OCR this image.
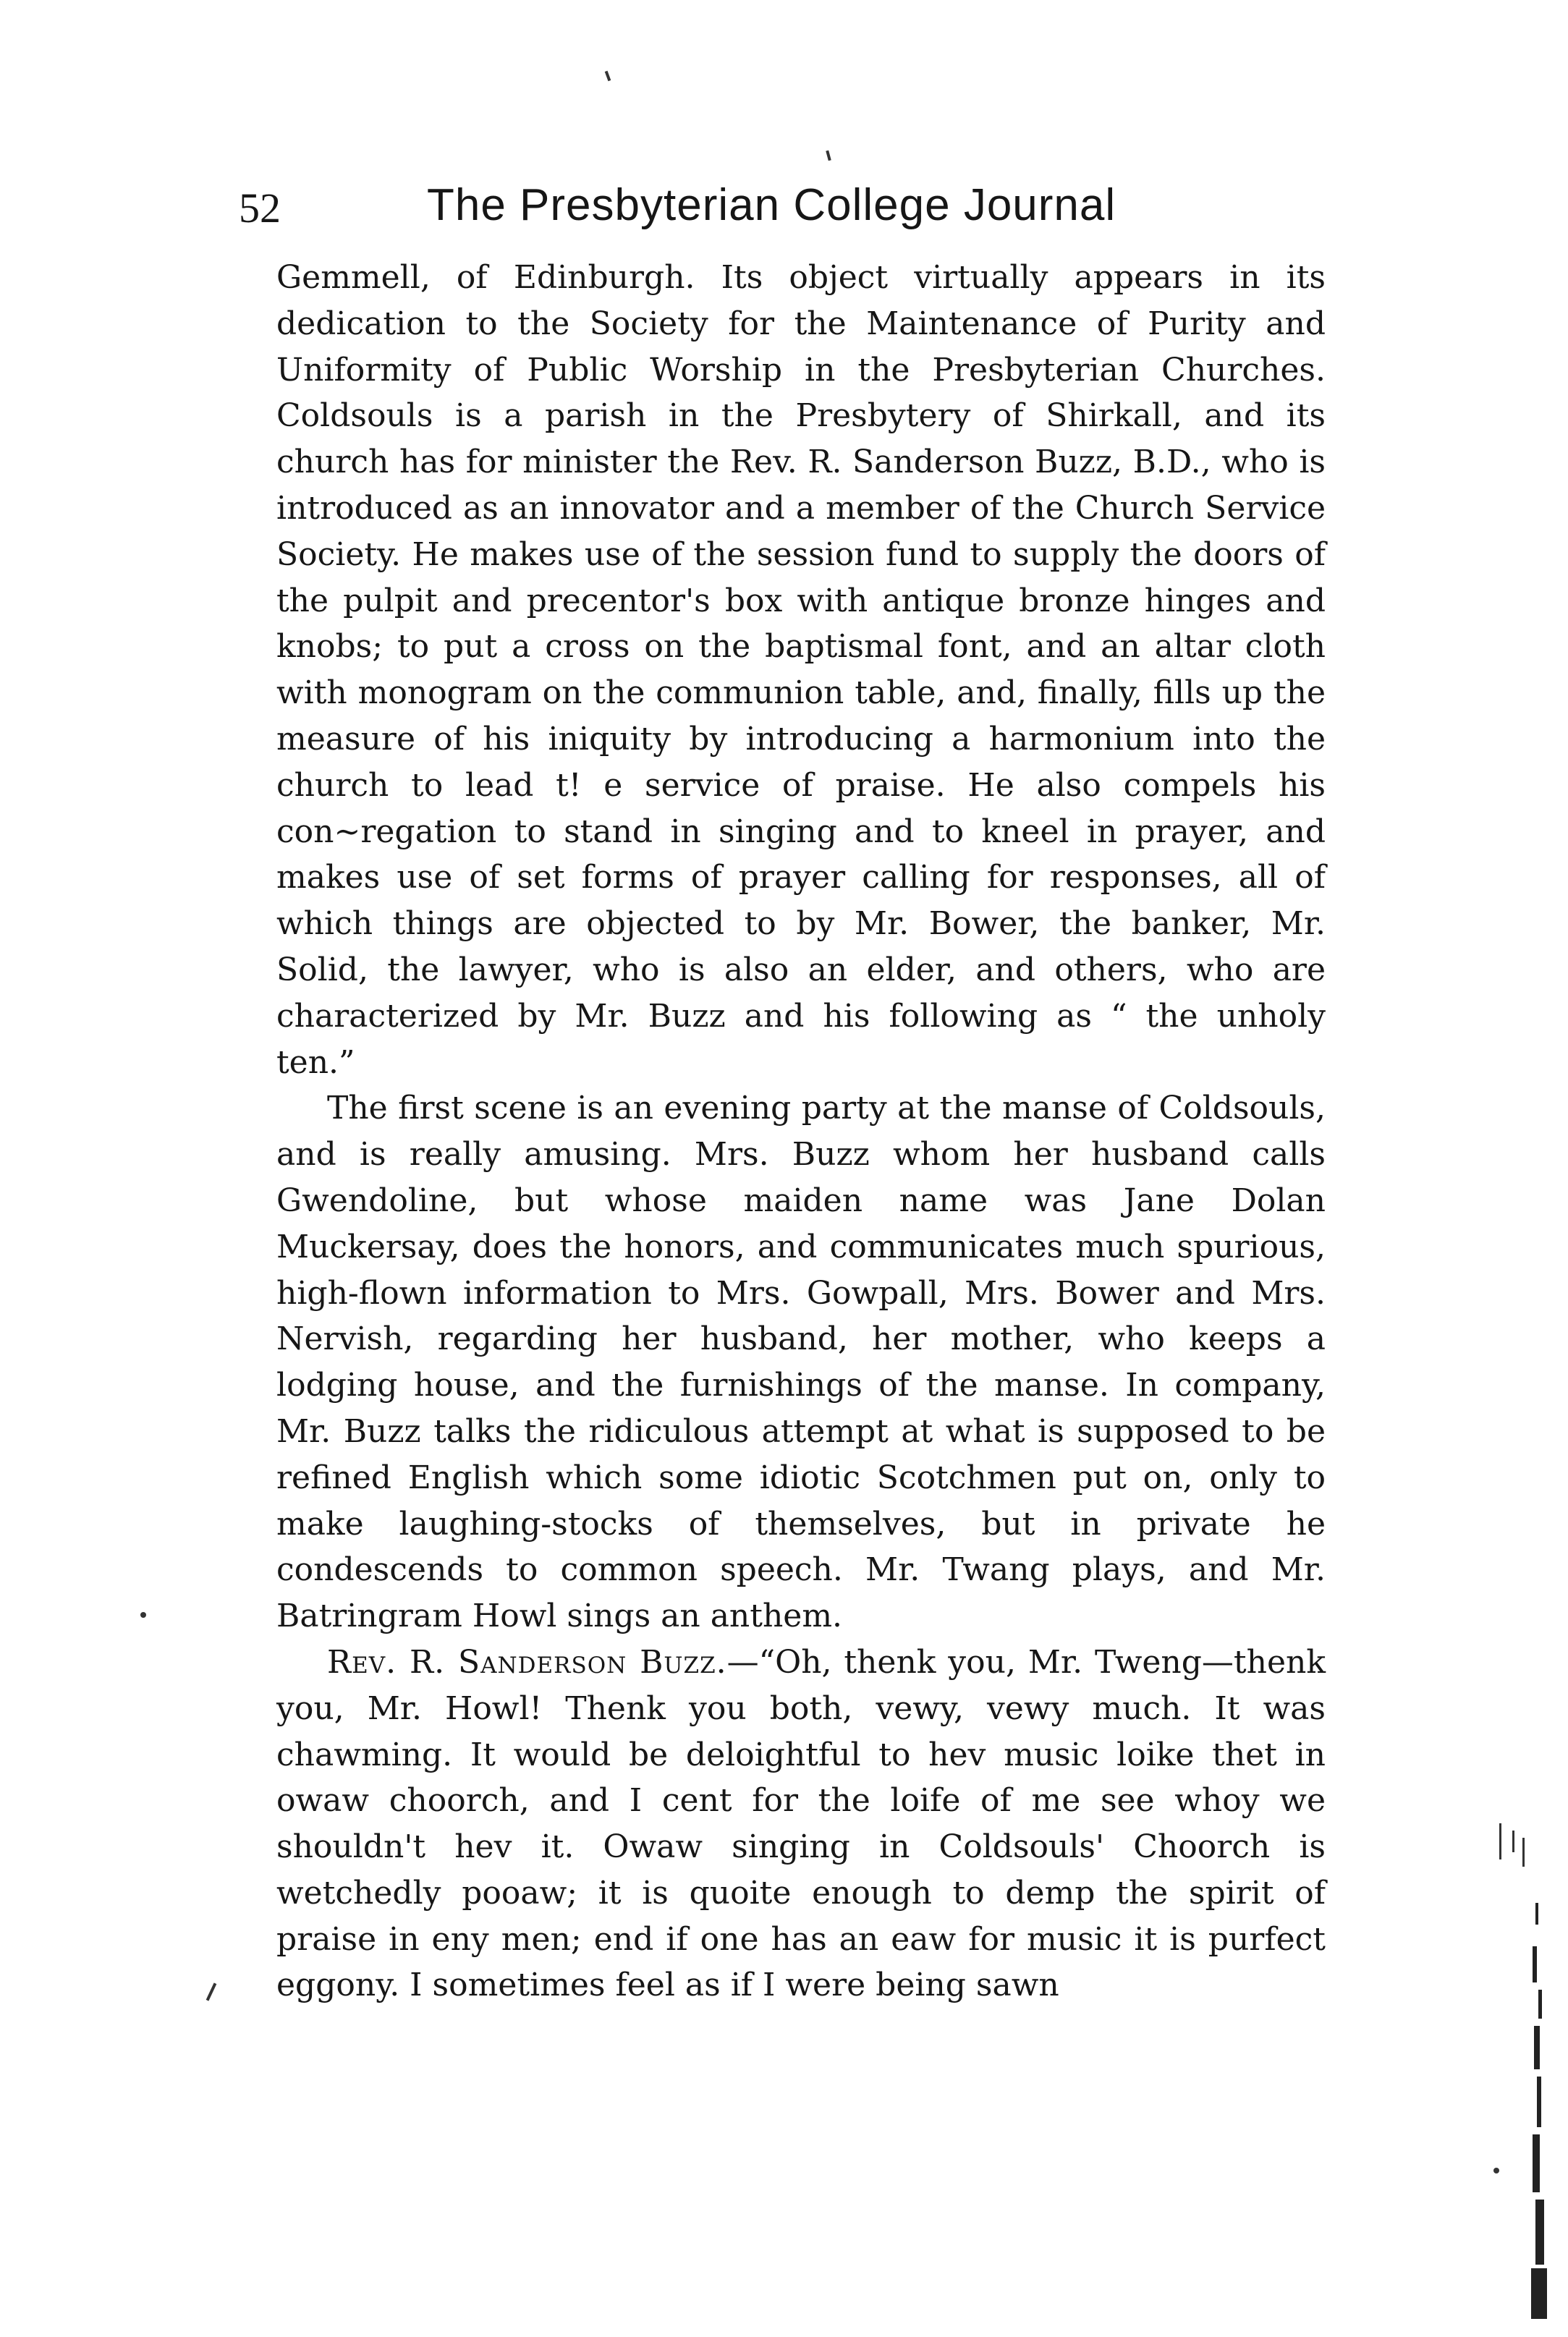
52	The Presbyterian College Journal

Gemmell, of Edinburgh. Its object virtually appears in its dedication to the Society for the Maintenance of Purity and Uniformity of Public Worship in the Presbyterian Churches. Coldsouls is a parish in the Presbytery of Shirkall, and its church has for minister the Rev. R. Sanderson Buzz, B.D., who is introduced as an innovator and a member of the Church Service Society. He makes use of the session fund to supply the doors of the pulpit and precentor's box with antique bronze hinges and knobs; to put a cross on the baptismal font, and an altar cloth with monogram on the communion table, and, finally, fills up the measure of his iniquity by introducing a harmonium into the church to lead t! e service of praise. He also compels his con~regation to stand in singing and to kneel in prayer, and makes use of set forms of prayer calling for responses, all of which things are objected to by Mr. Bower, the banker, Mr. Solid, the lawyer, who is also an elder, and others, who are characterized by Mr. Buzz and his following as “ the unholy ten.”

The first scene is an evening party at the manse of Coldsouls, and is really amusing. Mrs. Buzz whom her husband calls Gwendoline, but whose maiden name was Jane Dolan Muckersay, does the honors, and communicates much spurious, high-flown information to Mrs. Gowpall, Mrs. Bower and Mrs. Nervish, regarding her husband, her mother, who keeps a lodging house, and the furnishings of the manse. In company, Mr. Buzz talks the ridiculous attempt at what is supposed to be refined English which some idiotic Scotchmen put on, only to make laughing-stocks of themselves, but in private he condescends to common speech. Mr. Twang plays, and Mr. Batringram Howl sings an anthem.

Rev. R. Sanderson Buzz.—“Oh, thenk you, Mr. Tweng—thenk you, Mr. Howl! Thenk you both, vewy, vewy much. It was chawming. It would be deloightful to hev music loike thet in owaw choorch, and I cent for the loife of me see whoy we shouldn't hev it. Owaw singing in Coldsouls' Choorch is wetchedly pooaw; it is quoite enough to demp the spirit of praise in eny men; end if one has an eaw for music it is purfect eggony. I sometimes feel as if I were being sawn
